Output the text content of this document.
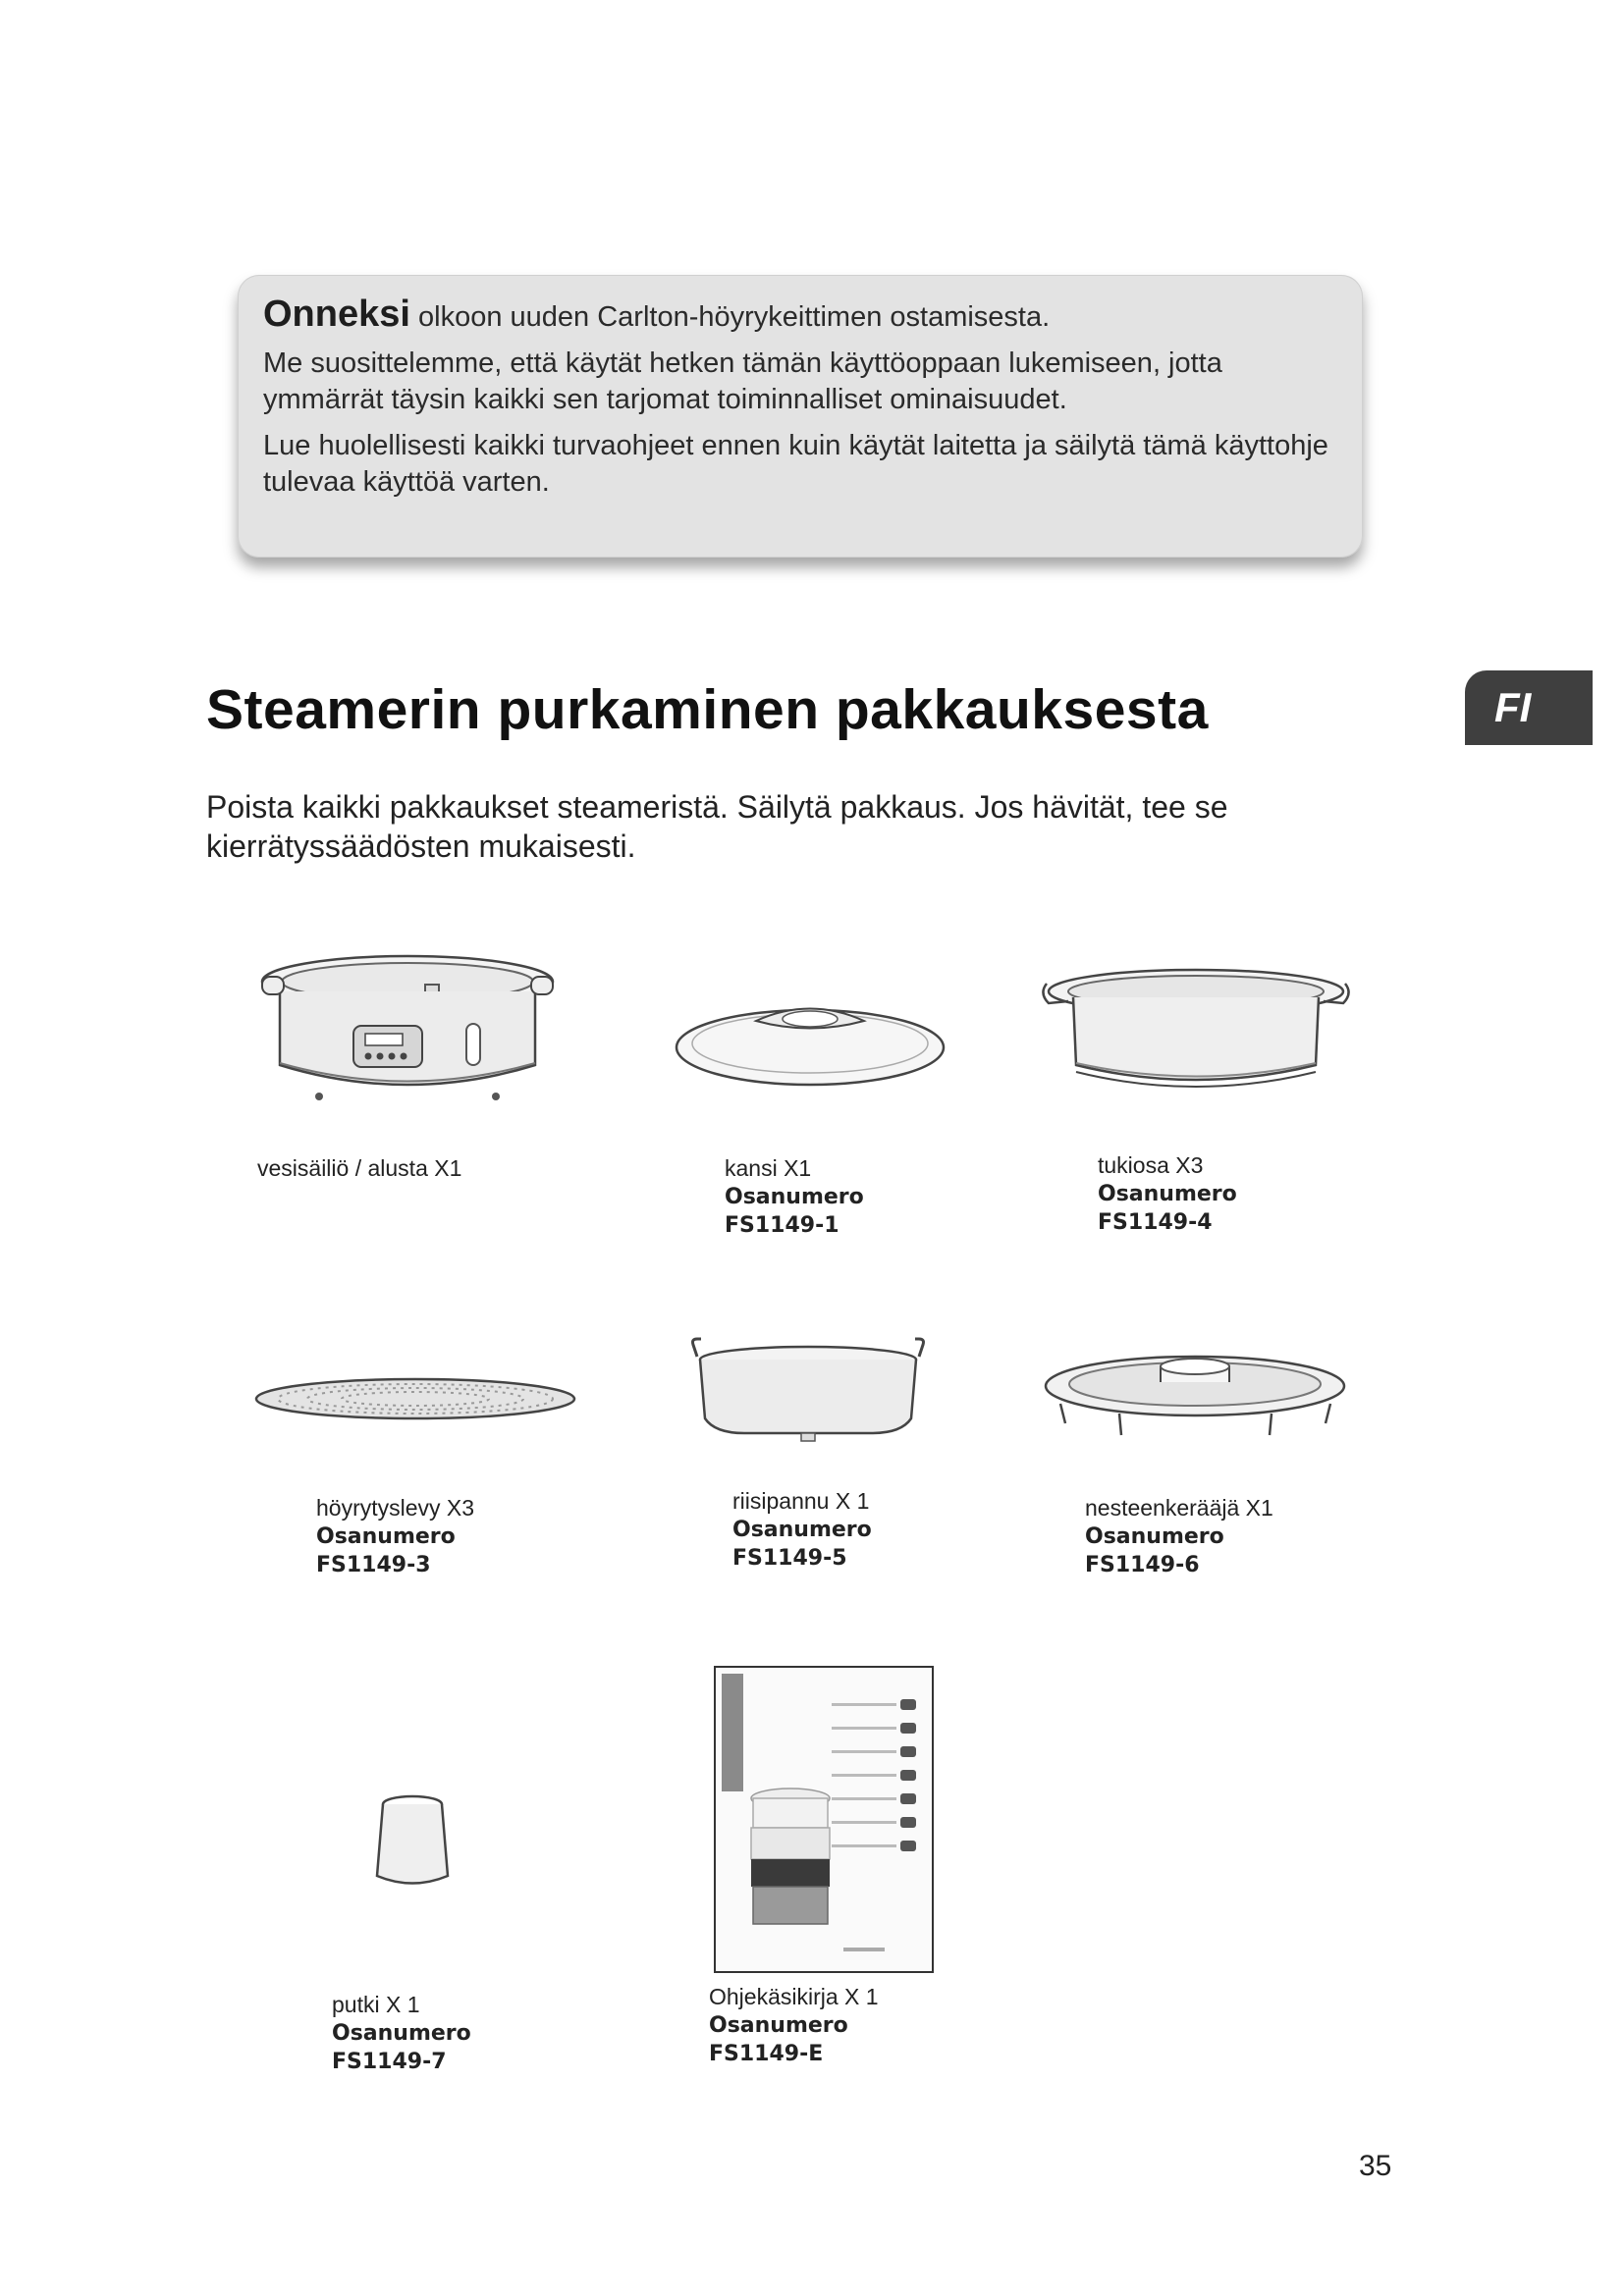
Onneksi olkoon uuden Carlton-höyrykeittimen ostamisesta.

Me suosittelemme, että käytät hetken tämän käyttöoppaan lukemiseen, jotta ymmärrät täysin kaikki sen tarjomat toiminnalliset ominaisuudet.

Lue huolellisesti kaikki turvaohjeet ennen kuin käytät laitetta ja säilytä tämä käyttohje tulevaa käyttöä varten.

Steamerin purkaminen pakkauksesta	FI

Poista kaikki pakkaukset steameristä. Säilytä pakkaus. Jos hävität, tee se kierrätyssäädösten mukaisesti.

vesisäiliö / alusta X1	kansi X1
Osanumero
FS1149-1
tukiosa X3
Osanumero
FS1149-4
höyrytyslevy X3
Osanumero
FS1149-3
riisipannu X 1
Osanumero
FS1149-5
nesteenkerääjä X1
Osanumero
FS1149-6
putki X 1
Osanumero
FS1149-7
Ohjekäsikirja X 1
Osanumero
FS1149-E
35
